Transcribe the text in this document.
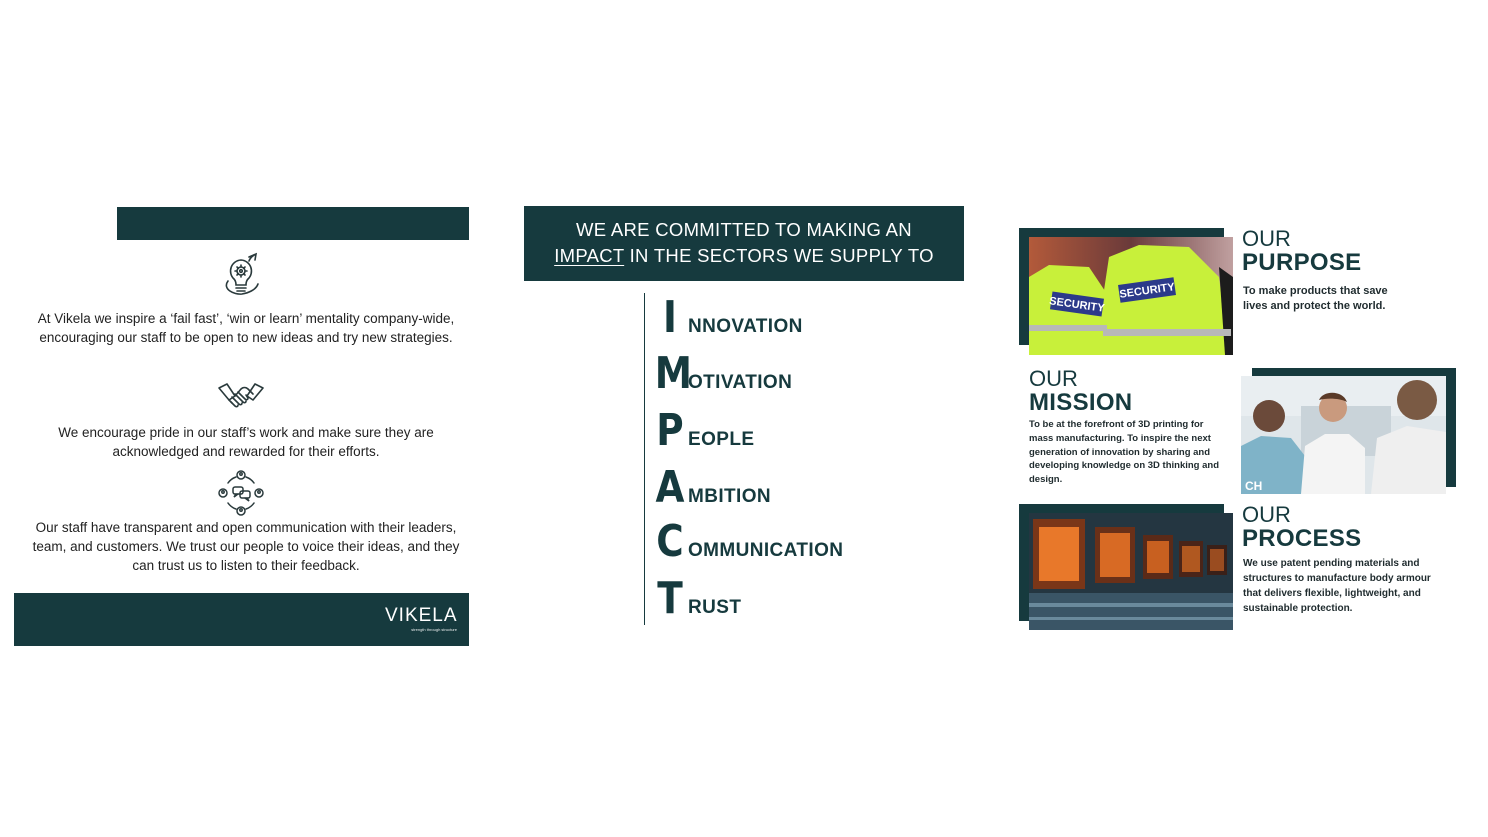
At Vikela we inspire a ‘fail fast’, ‘win or learn’ mentality company-wide, encouraging our staff to be open to new ideas and try new strategies.
We encourage pride in our staff’s work and make sure they are acknowledged and rewarded for their efforts.
Our staff have transparent and open communication with their leaders, team, and customers. We trust our people to voice their ideas, and they can trust us to listen to their feedback.
VIKELA
strength through structure
WE ARE COMMITTED TO MAKING AN
IMPACT IN THE SECTORS WE SUPPLY TO
I NNOVATION
M
OTIVATION
P EOPLE
A MBITION
C OMMUNICATION
T RUST
SECURITY
SECURITY
OUR
PURPOSE
To make products that save lives and protect the world.
OUR
MISSION
To be at the forefront of 3D printing for mass manufacturing. To inspire the next generation of innovation by sharing and developing knowledge on 3D thinking and design.	CH
OUR
PROCESS
We use patent pending materials and structures to manufacture body armour that delivers flexible, lightweight, and sustainable protection.
